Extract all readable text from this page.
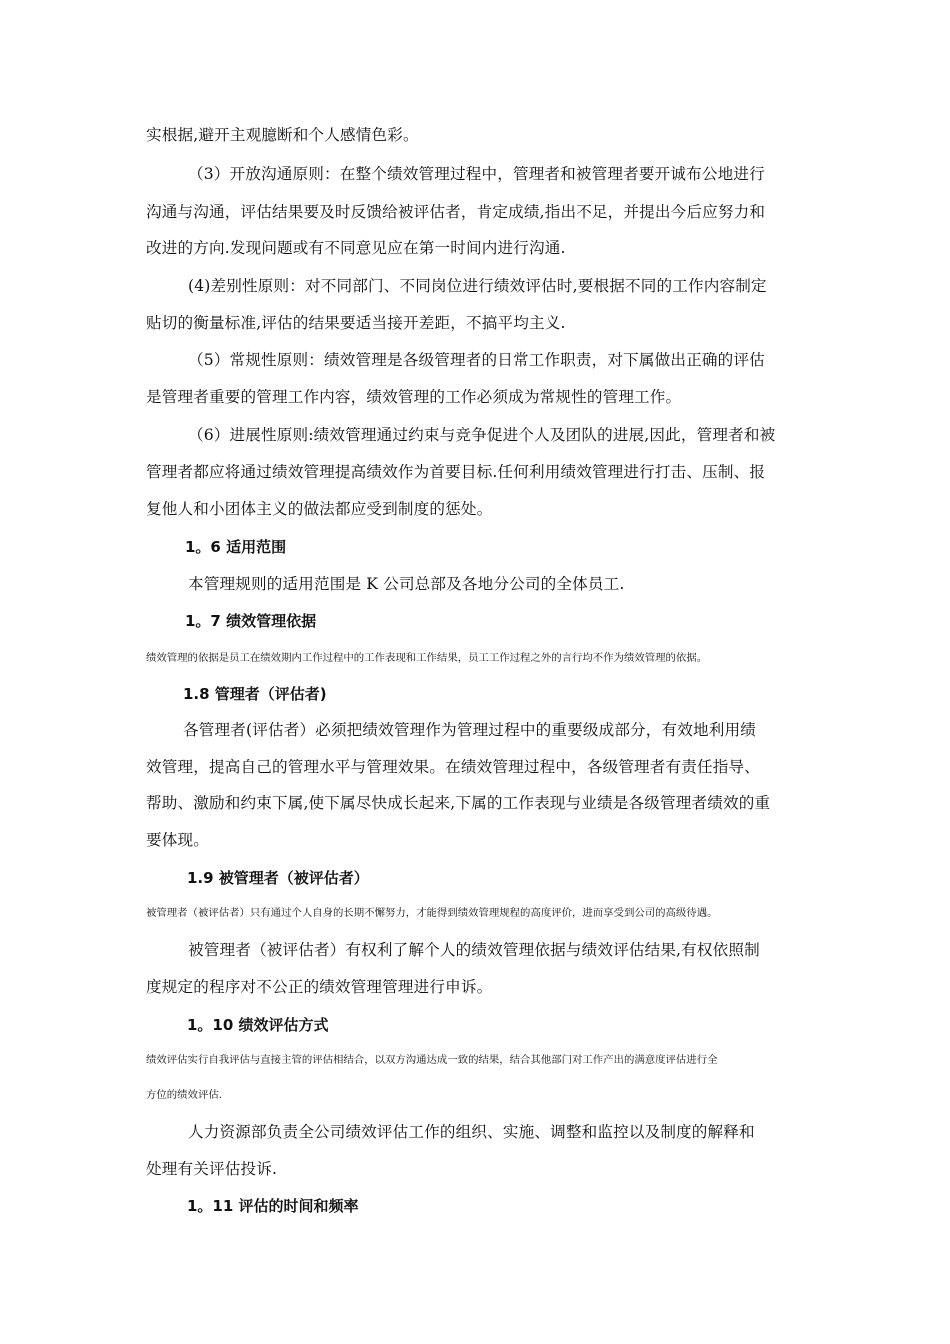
实根据,避开主观臆断和个人感情色彩。
（3）开放沟通原则：在整个绩效管理过程中，管理者和被管理者要开诚布公地进行
沟通与沟通，评估结果要及时反馈给被评估者，肯定成绩,指出不足，并提出今后应努力和
改进的方向.发现问题或有不同意见应在第一时间内进行沟通.
(4)差别性原则：对不同部门、不同岗位进行绩效评估时,要根据不同的工作内容制定
贴切的衡量标准,评估的结果要适当接开差距，不搞平均主义.
（5）常规性原则：绩效管理是各级管理者的日常工作职责，对下属做出正确的评估
是管理者重要的管理工作内容，绩效管理的工作必须成为常规性的管理工作。
（6）进展性原则:绩效管理通过约束与竞争促进个人及团队的进展,因此，管理者和被
管理者都应将通过绩效管理提高绩效作为首要目标.任何利用绩效管理进行打击、压制、报
复他人和小团体主义的做法都应受到制度的惩处。
1。6 适用范围
本管理规则的适用范围是 K 公司总部及各地分公司的全体员工.
1。7 绩效管理依据
绩效管理的依据是员工在绩效期内工作过程中的工作表现和工作结果，员工工作过程之外的言行均不作为绩效管理的依据。
1.8 管理者（评估者)
各管理者(评估者）必须把绩效管理作为管理过程中的重要级成部分，有效地利用绩
效管理，提高自己的管理水平与管理效果。在绩效管理过程中，各级管理者有责任指导、
帮助、激励和约束下属,使下属尽快成长起来,下属的工作表现与业绩是各级管理者绩效的重
要体现。
1.9 被管理者（被评估者）
被管理者（被评估者）只有通过个人自身的长期不懈努力，才能得到绩效管理规程的高度评价，进而享受到公司的高级待遇。
被管理者（被评估者）有权利了解个人的绩效管理依据与绩效评估结果,有权依照制
度规定的程序对不公正的绩效管理管理进行申诉。
1。10 绩效评估方式
绩效评估实行自我评估与直接主管的评估相结合，以双方沟通达成一致的结果，结合其他部门对工作产出的满意度评估进行全
方位的绩效评估.
人力资源部负责全公司绩效评估工作的组织、实施、调整和监控以及制度的解释和
处理有关评估投诉.
1。11 评估的时间和频率
